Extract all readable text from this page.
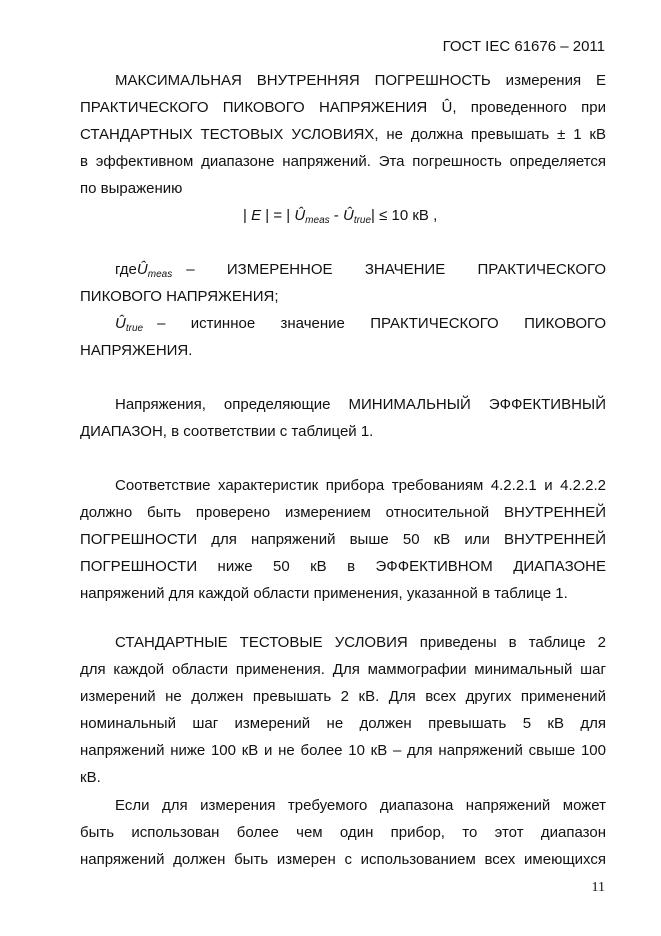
ГОСТ IEC 61676 – 2011
МАКСИМАЛЬНАЯ ВНУТРЕННЯЯ ПОГРЕШНОСТЬ измерения Е
ПРАКТИЧЕСКОГО ПИКОВОГО НАПРЯЖЕНИЯ Û, проведенного при
СТАНДАРТНЫХ ТЕСТОВЫХ УСЛОВИЯХ, не должна превышать ± 1 кВ
в эффективном диапазоне напряжений. Эта погрешность определяется
по выражению
| E | = | $Û_{meas}$ - $Û_{true}| \le 10$ кВ ,
где $Û_{meas}$ – ИЗМЕРЕННОЕ ЗНАЧЕНИЕ ПРАКТИЧЕСКОГО
ПИКОВОГО НАПРЯЖЕНИЯ;
$Û_{true}$ – истинное значение ПРАКТИЧЕСКОГО ПИКОВОГО
НАПРЯЖЕНИЯ.
Напряжения, определяющие МИНИМАЛЬНЫЙ ЭФФЕКТИВНЫЙ
ДИАПАЗОН, в соответствии с таблицей 1.
Соответствие характеристик прибора требованиям 4.2.2.1 и 4.2.2.2
должно быть проверено измерением относительной ВНУТРЕННЕЙ
ПОГРЕШНОСТИ для напряжений выше 50 кВ или ВНУТРЕННЕЙ
ПОГРЕШНОСТИ ниже 50 кВ в ЭФФЕКТИВНОМ ДИАПАЗОНЕ
напряжений для каждой области применения, указанной в таблице 1.
СТАНДАРТНЫЕ ТЕСТОВЫЕ УСЛОВИЯ приведены в таблице 2
для каждой области применения. Для маммографии минимальный шаг
измерений не должен превышать 2 кВ. Для всех других применений
номинальный шаг измерений не должен превышать 5 кВ для
напряжений ниже 100 кВ и не более 10 кВ – для напряжений свыше 100
кВ.
Если для измерения требуемого диапазона напряжений может
быть использован более чем один прибор, то этот диапазон
напряжений должен быть измерен с использованием всех имеющихся
11
